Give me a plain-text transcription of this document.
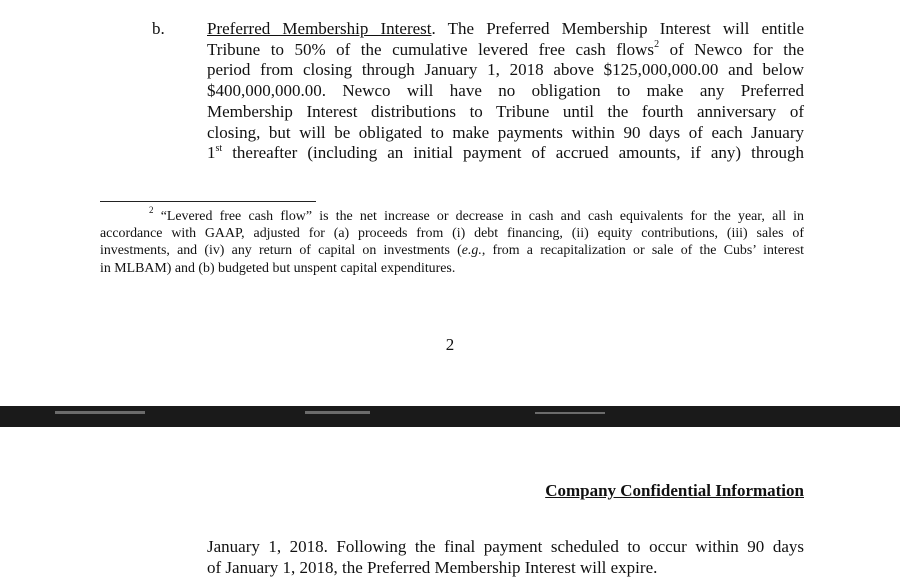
b. Preferred Membership Interest. The Preferred Membership Interest will entitle
Tribune to 50% of the cumulative levered free cash flows$^2$ of Newco for the
period from closing through January 1, 2018 above $125,000,000.00 and below
$400,000,000.00. Newco will have no obligation to make any Preferred
Membership Interest distributions to Tribune until the fourth anniversary of
closing, but will be obligated to make payments within 90 days of each January
1st thereafter (including an initial payment of accrued amounts, if any) through
$^2$ “Levered free cash flow” is the net increase or decrease in cash and cash equivalents for the year, all in
accordance with GAAP, adjusted for (a) proceeds from (i) debt financing, (ii) equity contributions, (iii) sales of
investments, and (iv) any return of capital on investments (e.g., from a recapitalization or sale of the Cubs’ interest
in MLBAM) and (b) budgeted but unspent capital expenditures.
2
Company Confidential Information
January 1, 2018. Following the final payment scheduled to occur within 90 days
of January 1, 2018, the Preferred Membership Interest will expire.
